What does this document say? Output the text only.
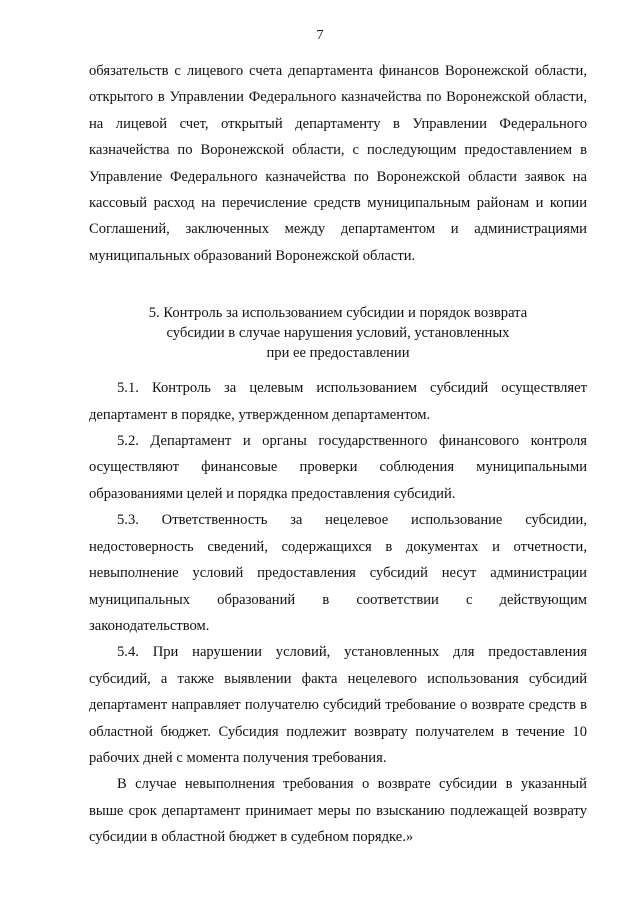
7

обязательств с лицевого счета департамента финансов Воронежской области, открытого в Управлении Федерального казначейства по Воронежской области, на лицевой счет, открытый департаменту в Управлении Федерального казначейства по Воронежской области, с последующим предоставлением в Управление Федерального казначейства по Воронежской области заявок на кассовый расход на перечисление средств муниципальным районам и копии Соглашений, заключенных между департаментом и администрациями муниципальных образований Воронежской области.

5. Контроль за использованием субсидии и порядок возврата
субсидии в случае нарушения условий, установленных
при ее предоставлении

5.1. Контроль за целевым использованием субсидий осуществляет департамент в порядке, утвержденном департаментом.

5.2. Департамент и органы государственного финансового контроля осуществляют финансовые проверки соблюдения муниципальными образованиями целей и порядка предоставления субсидий.

5.3. Ответственность за нецелевое использование субсидии, недостоверность сведений, содержащихся в документах и отчетности, невыполнение условий предоставления субсидий несут администрации муниципальных образований в соответствии с действующим законодательством.

5.4. При нарушении условий, установленных для предоставления субсидий, а также выявлении факта нецелевого использования субсидий департамент направляет получателю субсидий требование о возврате средств в областной бюджет. Субсидия подлежит возврату получателем в течение 10 рабочих дней с момента получения требования.

В случае невыполнения требования о возврате субсидии в указанный выше срок департамент принимает меры по взысканию подлежащей возврату субсидии в областной бюджет в судебном порядке.»
